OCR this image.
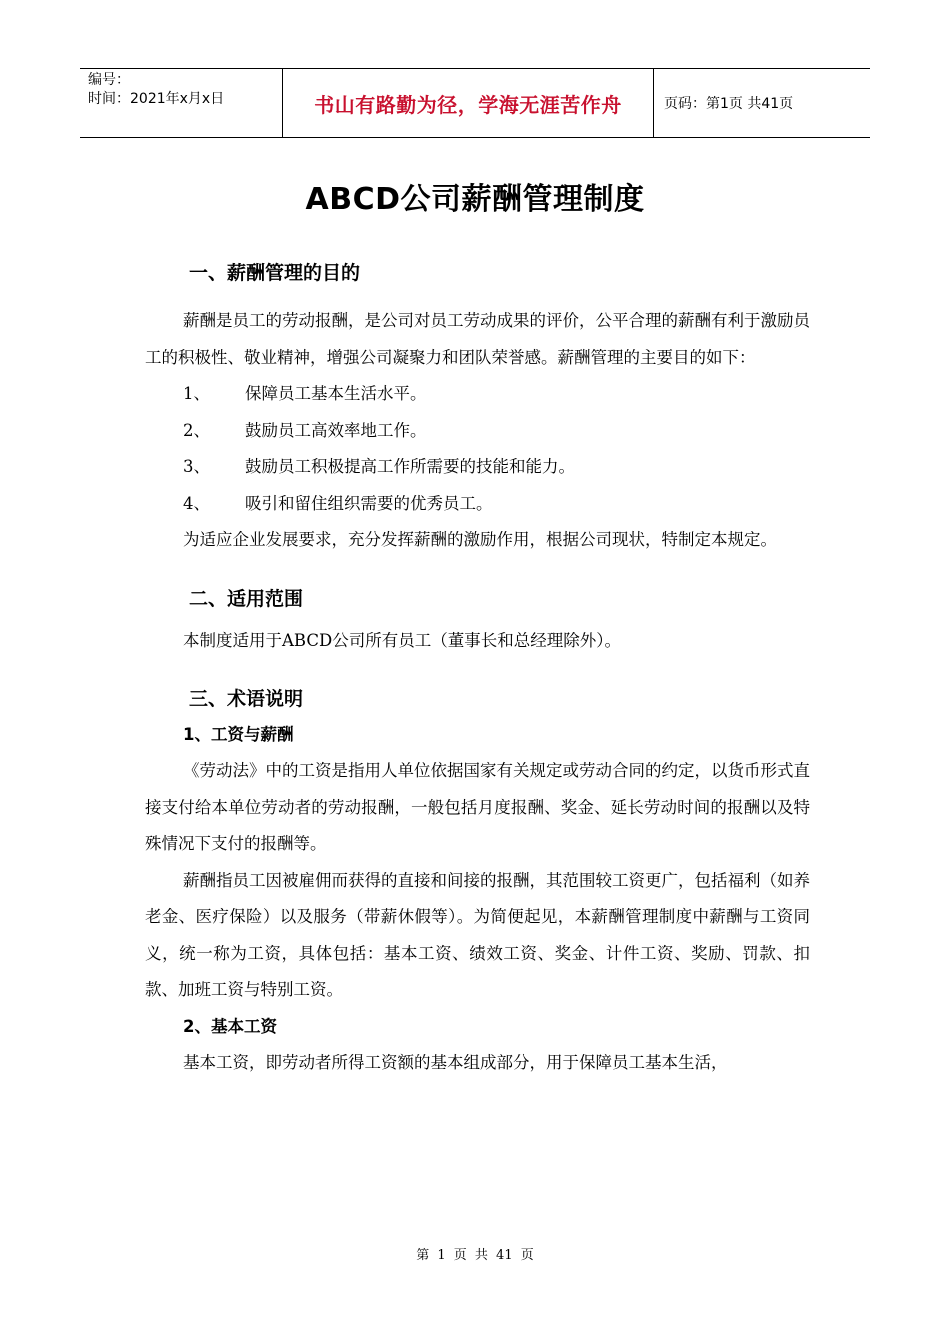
编号：
时间：2021年x月x日	书山有路勤为径，学海无涯苦作舟	页码：第1页 共41页
ABCD公司薪酬管理制度
一、薪酬管理的目的

薪酬是员工的劳动报酬，是公司对员工劳动成果的评价，公平合理的薪酬有利于激励员工的积极性、敬业精神，增强公司凝聚力和团队荣誉感。薪酬管理的主要目的如下：

1、	保障员工基本生活水平。
2、	鼓励员工高效率地工作。
3、	鼓励员工积极提高工作所需要的技能和能力。
4、	吸引和留住组织需要的优秀员工。

为适应企业发展要求，充分发挥薪酬的激励作用，根据公司现状，特制定本规定。

二、适用范围

本制度适用于ABCD公司所有员工（董事长和总经理除外）。

三、术语说明
1、工资与薪酬

《劳动法》中的工资是指用人单位依据国家有关规定或劳动合同的约定，以货币形式直接支付给本单位劳动者的劳动报酬，一般包括月度报酬、奖金、延长劳动时间的报酬以及特殊情况下支付的报酬等。

薪酬指员工因被雇佣而获得的直接和间接的报酬，其范围较工资更广，包括福利（如养老金、医疗保险）以及服务（带薪休假等）。为简便起见，本薪酬管理制度中薪酬与工资同义，统一称为工资，具体包括：基本工资、绩效工资、奖金、计件工资、奖励、罚款、扣款、加班工资与特别工资。

2、基本工资

基本工资，即劳动者所得工资额的基本组成部分，用于保障员工基本生活，

第 1 页 共 41 页
